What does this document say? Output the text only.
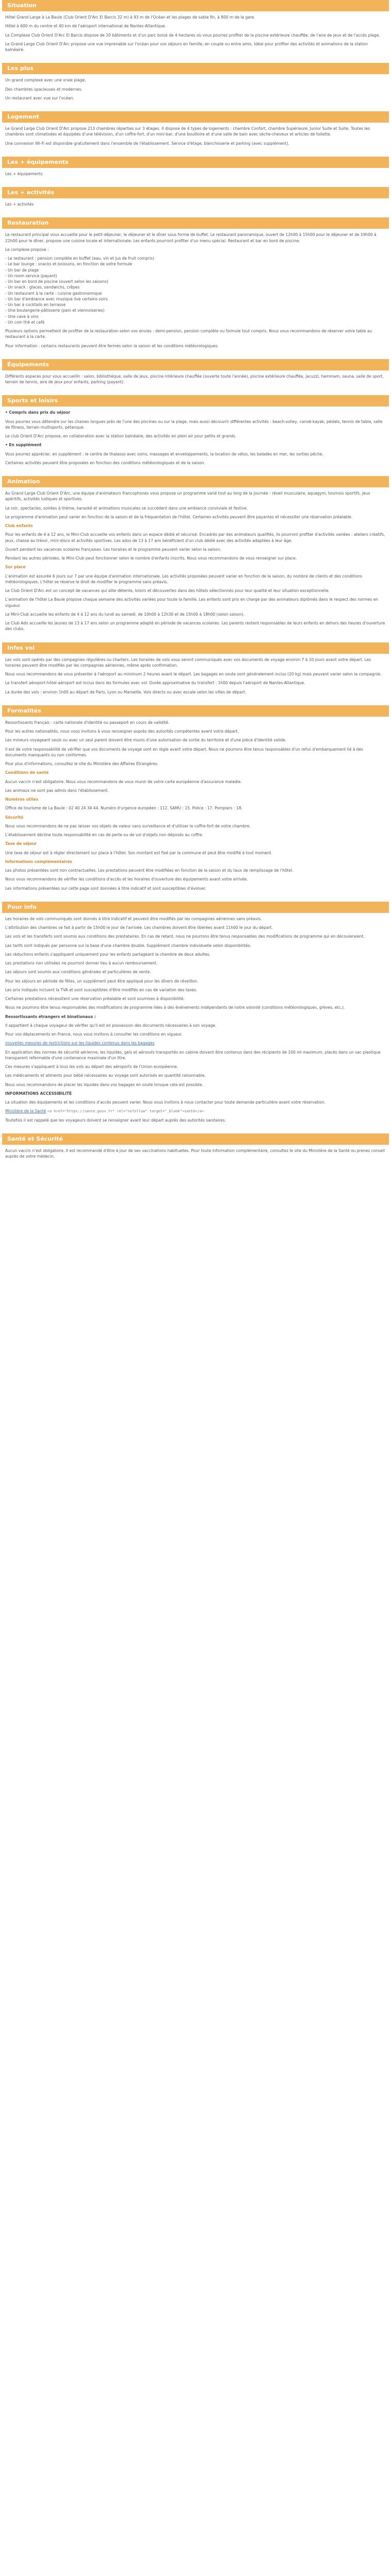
Situation

Hôtel Grand Large à La Baule (Club Orient D'Arc El Barcis 32 m) à 93 m de l'Océan et les plages de sable fin, à 800 m de la gare.

Hôtel à 600 m du centre et 40 km de l'aéroport international de Nantes-Atlantique.

Le Complexe Club Orient D'Arc El Barcis dispose de 20 bâtiments et d'un parc boisé de 4 hectares où vous pourrez profiter de la piscine extérieure chauffée, de l'aire de jeux et de l'accès plage.

Le Grand Large Club Orient D'Arc propose une vue imprenable sur l'océan pour vos séjours en famille, en couple ou entre amis. Idéal pour profiter des activités et animations de la station balnéaire.

Les plus

Un grand complexe avec une vraie plage.

Des chambres spacieuses et modernes.

Un restaurant avec vue sur l'océan.

Logement

Le Grand Large Club Orient D'Arc propose 213 chambres réparties sur 3 étages. Il dispose de 4 types de logements : chambre Confort, chambre Supérieure, Junior Suite et Suite. Toutes les chambres sont climatisées et équipées d'une télévision, d'un coffre-fort, d'un mini-bar, d'une bouilloire et d'une salle de bain avec sèche-cheveux et articles de toilette.

Une connexion Wi-Fi est disponible gratuitement dans l'ensemble de l'établissement. Service d'étage, blanchisserie et parking (avec supplément).

Les + équipements

Les + équipements

Les + activités

Les + activités

Restauration

Le restaurant principal vous accueille pour le petit-déjeuner, le déjeuner et le dîner sous forme de buffet. Le restaurant panoramique, ouvert de 12h00 à 15h00 pour le déjeuner et de 19h00 à 22h00 pour le dîner, propose une cuisine locale et internationale. Les enfants pourront profiter d'un menu spécial. Restaurant et bar en bord de piscine.

Le complexe propose :

- Le restaurant : pension complète en buffet (eau, vin et jus de fruit compris)
- Le bar lounge : snacks et boissons, en fonction de votre formule
- Un bar de plage
- Un room service (payant)
- Un bar en bord de piscine (ouvert selon les saisons)
- Un snack : glaces, sandwichs, crêpes
- Un restaurant à la carte : cuisine gastronomique
- Un bar d'ambiance avec musique live certains soirs
- Un bar à cocktails en terrasse
- Une boulangerie-pâtisserie (pain et viennoiseries)
- Une cave à vins
- Un coin thé et café

Plusieurs options permettent de profiter de la restauration selon vos envies : demi-pension, pension complète ou formule tout compris. Nous vous recommandons de réserver votre table au restaurant à la carte.

Pour information : certains restaurants peuvent être fermés selon la saison et les conditions météorologiques.

Équipements

Différents espaces pour vous accueillir : salon, bibliothèque, salle de jeux, piscine intérieure chauffée (ouverte toute l'année), piscine extérieure chauffée, jacuzzi, hammam, sauna, salle de sport, terrain de tennis, aire de jeux pour enfants, parking (payant).

Sports et loisirs

• Compris dans prix du séjour

Vous pourrez vous détendre sur les chaises longues près de l'une des piscines ou sur la plage, mais aussi découvrir différentes activités : beach-volley, canoë-kayak, pédalo, tennis de table, salle de fitness, terrain multisports, pétanque.

Le club Orient D'Arc propose, en collaboration avec la station balnéaire, des activités en plein air pour petits et grands.

• En supplément

Vous pourrez apprécier, en supplément : le centre de thalasso avec soins, massages et enveloppements, la location de vélos, les balades en mer, les sorties pêche.

Certaines activités peuvent être proposées en fonction des conditions météorologiques et de la saison.

Animation

Au Grand Large Club Orient D'Arc, une équipe d'animateurs francophones vous propose un programme varié tout au long de la journée : réveil musculaire, aquagym, tournois sportifs, jeux apéritifs, activités ludiques et sportives.

Le soir, spectacles, soirées à thème, karaoké et animations musicales se succèdent dans une ambiance conviviale et festive.

Le programme d'animation peut varier en fonction de la saison et de la fréquentation de l'hôtel. Certaines activités peuvent être payantes et nécessiter une réservation préalable.

Club enfants

Pour les enfants de 4 à 12 ans, le Mini-Club accueille vos enfants dans un espace dédié et sécurisé. Encadrés par des animateurs qualifiés, ils pourront profiter d'activités variées : ateliers créatifs, jeux, chasse au trésor, mini-disco et activités sportives. Les ados de 13 à 17 ans bénéficient d'un club dédié avec des activités adaptées à leur âge.

Ouvert pendant les vacances scolaires françaises. Les horaires et le programme peuvent varier selon la saison.

Pendant les autres périodes, le Mini-Club peut fonctionner selon le nombre d'enfants inscrits. Nous vous recommandons de vous renseigner sur place.

Sur place

L'animation est assurée 6 jours sur 7 par une équipe d'animation internationale. Les activités proposées peuvent varier en fonction de la saison, du nombre de clients et des conditions météorologiques. L'hôtel se réserve le droit de modifier le programme sans préavis.

Le Club Orient D'Arc est un concept de vacances qui allie détente, loisirs et découvertes dans des hôtels sélectionnés pour leur qualité et leur situation exceptionnelle.

L'animation de l'hôtel La Baule propose chaque semaine des activités variées pour toute la famille. Les enfants sont pris en charge par des animateurs diplômés dans le respect des normes en vigueur.

Le Mini-Club accueille les enfants de 4 à 12 ans du lundi au samedi, de 10h00 à 12h30 et de 15h00 à 18h00 (selon saison).

Le Club Ado accueille les jeunes de 13 à 17 ans selon un programme adapté en période de vacances scolaires. Les parents restent responsables de leurs enfants en dehors des heures d'ouverture des clubs.

Infos vol

Les vols sont opérés par des compagnies régulières ou charters. Les horaires de vols vous seront communiqués avec vos documents de voyage environ 7 à 10 jours avant votre départ. Les horaires peuvent être modifiés par les compagnies aériennes, même après confirmation.

Nous vous recommandons de vous présenter à l'aéroport au minimum 2 heures avant le départ. Les bagages en soute sont généralement inclus (20 kg) mais peuvent varier selon la compagnie.

Le transfert aéroport-hôtel-aéroport est inclus dans les formules avec vol. Durée approximative du transfert : 1h00 depuis l'aéroport de Nantes-Atlantique.

La durée des vols : environ 1h00 au départ de Paris, Lyon ou Marseille. Vols directs ou avec escale selon les villes de départ.

Formalités

Ressortissants français : carte nationale d'identité ou passeport en cours de validité.

Pour les autres nationalités, nous vous invitons à vous renseigner auprès des autorités compétentes avant votre départ.

Les mineurs voyageant seuls ou avec un seul parent doivent être munis d'une autorisation de sortie du territoire et d'une pièce d'identité valide.

Il est de votre responsabilité de vérifier que vos documents de voyage sont en règle avant votre départ. Nous ne pourrons être tenus responsables d'un refus d'embarquement lié à des documents manquants ou non conformes.

Pour plus d'informations, consultez le site du Ministère des Affaires Étrangères.

Conditions de santé

Aucun vaccin n'est obligatoire. Nous vous recommandons de vous munir de votre carte européenne d'assurance maladie.

Les animaux ne sont pas admis dans l'établissement.

Numéros utiles

Office de tourisme de La Baule : 02 40 24 34 44. Numéro d'urgence européen : 112. SAMU : 15. Police : 17. Pompiers : 18.

Sécurité

Nous vous recommandons de ne pas laisser vos objets de valeur sans surveillance et d'utiliser le coffre-fort de votre chambre.

L'établissement décline toute responsabilité en cas de perte ou de vol d'objets non déposés au coffre.

Taxe de séjour

Une taxe de séjour est à régler directement sur place à l'hôtel. Son montant est fixé par la commune et peut être modifié à tout moment.

Informations complémentaires

Les photos présentées sont non contractuelles. Les prestations peuvent être modifiées en fonction de la saison et du taux de remplissage de l'hôtel.

Nous vous recommandons de vérifier les conditions d'accès et les horaires d'ouverture des équipements avant votre arrivée.

Les informations présentées sur cette page sont données à titre indicatif et sont susceptibles d'évoluer.

Pour info

Les horaires de vols communiqués sont donnés à titre indicatif et peuvent être modifiés par les compagnies aériennes sans préavis.

L'attribution des chambres se fait à partir de 15h00 le jour de l'arrivée. Les chambres doivent être libérées avant 11h00 le jour du départ.

Les vols et les transferts sont soumis aux conditions des prestataires. En cas de retard, nous ne pourrons être tenus responsables des modifications de programme qui en découleraient.

Les tarifs sont indiqués par personne sur la base d'une chambre double. Supplément chambre individuelle selon disponibilités.

Les réductions enfants s'appliquent uniquement pour les enfants partageant la chambre de deux adultes.

Les prestations non utilisées ne pourront donner lieu à aucun remboursement.

Les séjours sont soumis aux conditions générales et particulières de vente.

Pour les séjours en période de fêtes, un supplément peut être appliqué pour les dîners de réveillon.

Les prix indiqués incluent la TVA et sont susceptibles d'être modifiés en cas de variation des taxes.

Certaines prestations nécessitent une réservation préalable et sont soumises à disponibilité.

Nous ne pourrons être tenus responsables des modifications de programme liées à des événements indépendants de notre volonté (conditions météorologiques, grèves, etc.).

Ressortissants étrangers et binationaux :

Il appartient à chaque voyageur de vérifier qu'il est en possession des documents nécessaires à son voyage.

Pour vos déplacements en France, nous vous invitons à consulter les conditions en vigueur.

nouvelles mesures de restrictions sur les liquides contenus dans les bagages

En application des normes de sécurité aérienne, les liquides, gels et aérosols transportés en cabine doivent être contenus dans des récipients de 100 ml maximum, placés dans un sac plastique transparent refermable d'une contenance maximale d'un litre.

Ces mesures s'appliquent à tous les vols au départ des aéroports de l'Union européenne.

Les médicaments et aliments pour bébé nécessaires au voyage sont autorisés en quantité raisonnable.

Nous vous recommandons de placer les liquides dans vos bagages en soute lorsque cela est possible.

INFORMATIONS ACCESSIBILITÉ

La situation des équipements et les conditions d'accès peuvent varier. Nous vous invitons à nous contacter pour toute demande particulière avant votre réservation.

Ministère de la Santé <a href="https://sante.gouv.fr" rel="nofollow" target="_blank">santé</a>

Toutefois il est rappelé que les voyageurs doivent se renseigner avant leur départ auprès des autorités sanitaires.

Santé et Sécurité

Aucun vaccin n'est obligatoire. Il est recommandé d'être à jour de ses vaccinations habituelles. Pour toute information complémentaire, consultez le site du Ministère de la Santé ou prenez conseil auprès de votre médecin.
